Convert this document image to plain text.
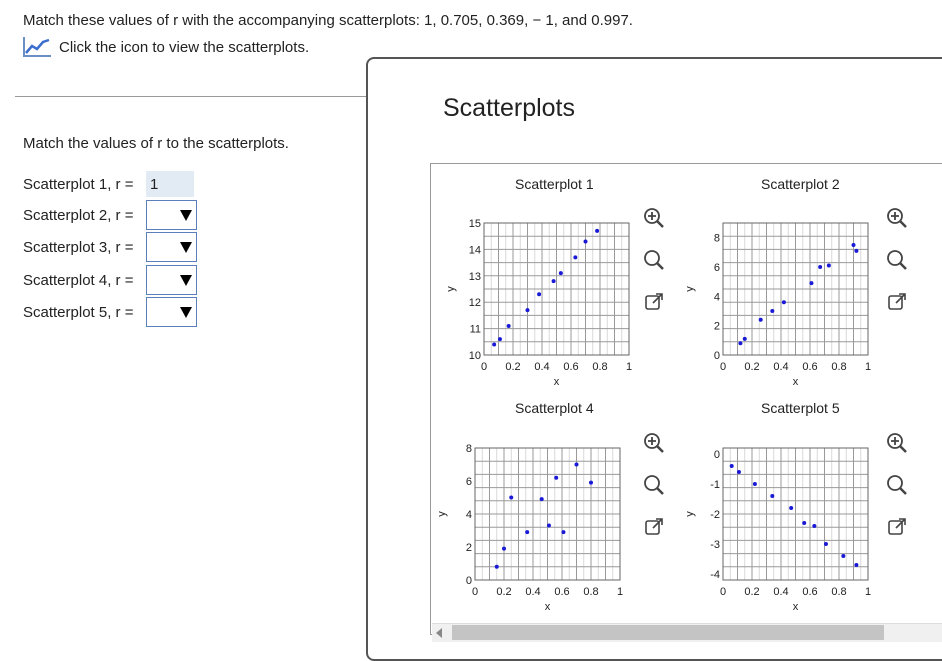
Match these values of r with the accompanying scatterplots: 1, 0.705, 0.369, − 1, and 0.997.
Click the icon to view the scatterplots.
Match the values of r to the scatterplots.
Scatterplot 1, r =	1
Scatterplot 2, r =
Scatterplot 3, r =
Scatterplot 4, r =
Scatterplot 5, r =
Scatterplots
Scatterplot 1
0 0.2 0.4 0.6 0.8 1
10
11
12
13
14
15
x
y
Scatterplot 2
0 0.2 0.4 0.6 0.8 1
0
2
4
6
8
x
y
Scatterplot 4
0 0.2 0.4 0.6 0.8 1
0
2
4
6
8
x
y
Scatterplot 5
0 0.2 0.4 0.6 0.8 1
0
-1
-2
-3
-4
x
y
